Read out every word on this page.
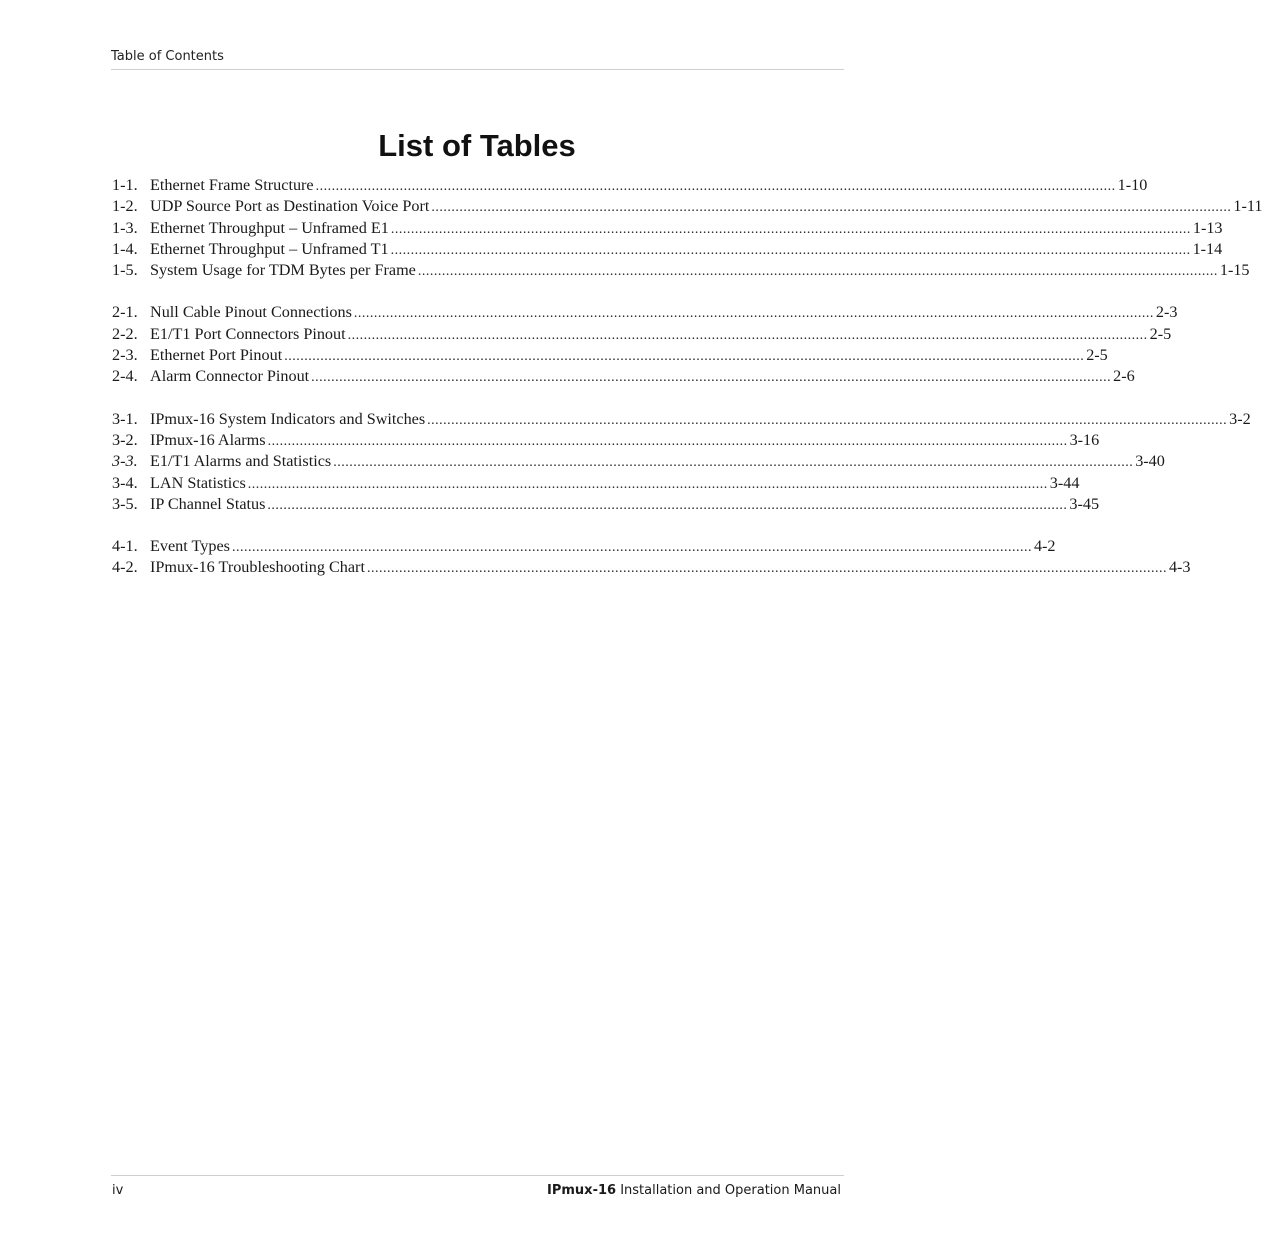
Table of Contents
List of Tables
1-1. Ethernet Frame Structure ........................................................................................................................................................................................................ 1-10
1-2. UDP Source Port as Destination Voice Port ........................................................................................................................................................................................................ 1-11
1-3. Ethernet Throughput – Unframed E1 ........................................................................................................................................................................................................ 1-13
1-4. Ethernet Throughput – Unframed T1 ........................................................................................................................................................................................................ 1-14
1-5. System Usage for TDM Bytes per Frame ........................................................................................................................................................................................................ 1-15
2-1. Null Cable Pinout Connections ........................................................................................................................................................................................................ 2-3
2-2. E1/T1 Port Connectors Pinout ........................................................................................................................................................................................................ 2-5
2-3. Ethernet Port Pinout ........................................................................................................................................................................................................ 2-5
2-4. Alarm Connector Pinout ........................................................................................................................................................................................................ 2-6
3-1. IPmux-16 System Indicators and Switches ........................................................................................................................................................................................................ 3-2
3-2. IPmux-16 Alarms ........................................................................................................................................................................................................ 3-16
3-3. E1/T1 Alarms and Statistics ........................................................................................................................................................................................................ 3-40
3-4. LAN Statistics ........................................................................................................................................................................................................ 3-44
3-5. IP Channel Status ........................................................................................................................................................................................................ 3-45
4-1. Event Types ........................................................................................................................................................................................................ 4-2
4-2. IPmux-16 Troubleshooting Chart ........................................................................................................................................................................................................ 4-3
iv	IPmux-16 Installation and Operation Manual
